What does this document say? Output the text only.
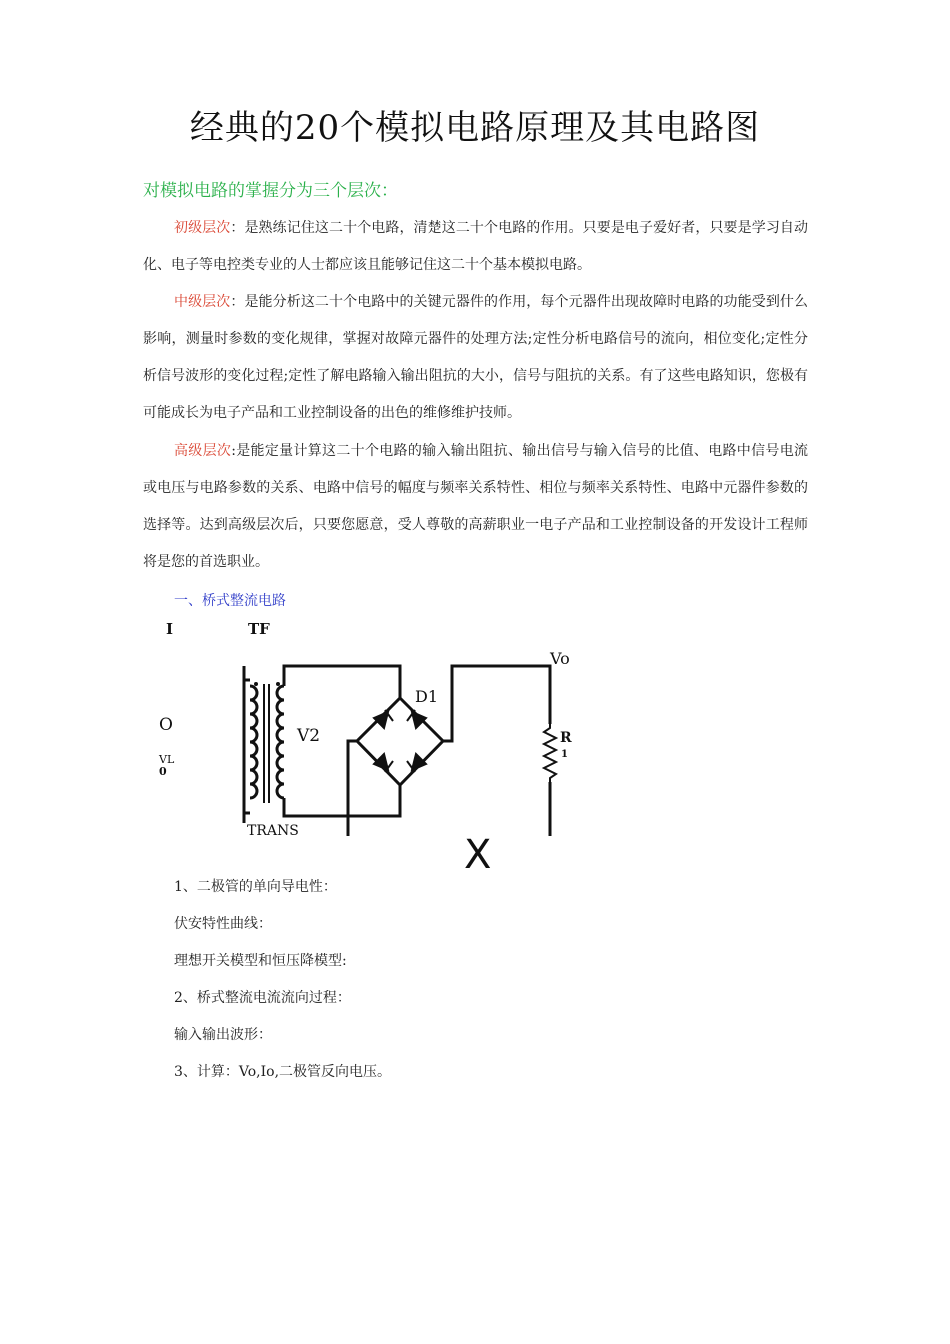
经典的20个模拟电路原理及其电路图
对模拟电路的掌握分为三个层次：

初级层次：是熟练记住这二十个电路，清楚这二十个电路的作用。只要是电子爱好者，只要是学习自动化、电子等电控类专业的人士都应该且能够记住这二十个基本模拟电路。

中级层次：是能分析这二十个电路中的关键元器件的作用，每个元器件出现故障时电路的功能受到什么影响，测量时参数的变化规律，掌握对故障元器件的处理方法;定性分析电路信号的流向，相位变化;定性分析信号波形的变化过程;定性了解电路输入输出阻抗的大小，信号与阻抗的关系。有了这些电路知识，您极有可能成长为电子产品和工业控制设备的出色的维修维护技师。

高级层次:是能定量计算这二十个电路的输入输出阻抗、输出信号与输入信号的比值、电路中信号电流或电压与电路参数的关系、电路中信号的幅度与频率关系特性、相位与频率关系特性、电路中元器件参数的选择等。达到高级层次后，只要您愿意，受人尊敬的高薪职业一电子产品和工业控制设备的开发设计工程师将是您的首选职业。

一、桥式整流电路

I	TF
O
VL
0
V2
D1
Vo
R
1
TRANS
X

1、二极管的单向导电性：

伏安特性曲线：

理想开关模型和恒压降模型:

2、桥式整流电流流向过程：

输入输出波形：

3、计算：Vo,Io,二极管反向电压。
